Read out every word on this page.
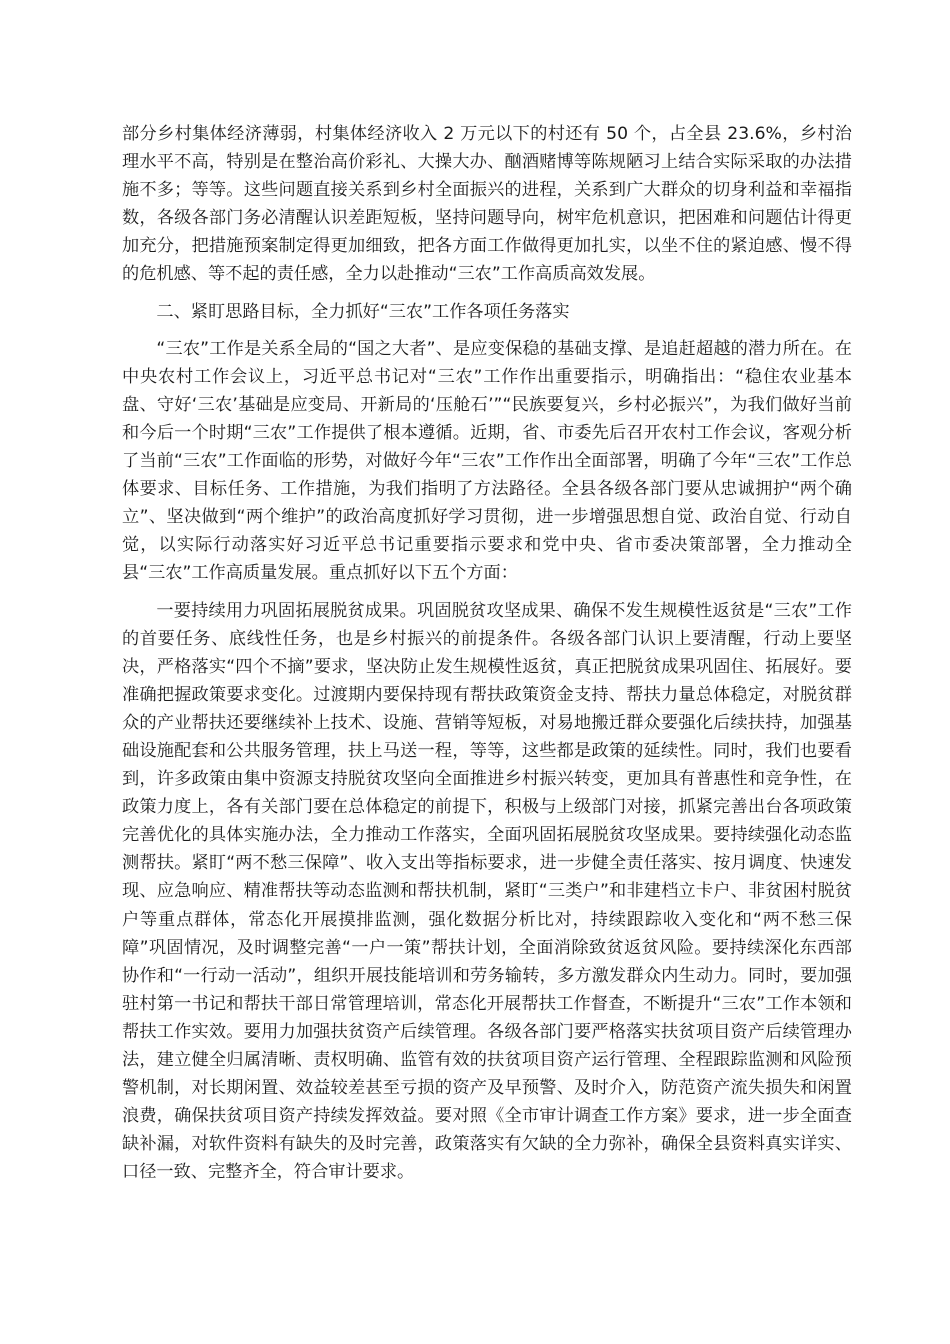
部分乡村集体经济薄弱，村集体经济收入 2 万元以下的村还有 50 个，占全县 23.6%，乡村治理水平不高，特别是在整治高价彩礼、大操大办、酗酒赌博等陈规陋习上结合实际采取的办法措施不多；等等。这些问题直接关系到乡村全面振兴的进程，关系到广大群众的切身利益和幸福指数，各级各部门务必清醒认识差距短板，坚持问题导向，树牢危机意识，把困难和问题估计得更加充分，把措施预案制定得更加细致，把各方面工作做得更加扎实，以坐不住的紧迫感、慢不得的危机感、等不起的责任感，全力以赴推动“三农”工作高质高效发展。

二、紧盯思路目标，全力抓好“三农”工作各项任务落实

“三农”工作是关系全局的“国之大者”、是应变保稳的基础支撑、是追赶超越的潜力所在。在中央农村工作会议上，习近平总书记对“三农”工作作出重要指示，明确指出：“稳住农业基本盘、守好‘三农’基础是应变局、开新局的‘压舱石’”“民族要复兴，乡村必振兴”，为我们做好当前和今后一个时期“三农”工作提供了根本遵循。近期，省、市委先后召开农村工作会议，客观分析了当前“三农”工作面临的形势，对做好今年“三农”工作作出全面部署，明确了今年“三农”工作总体要求、目标任务、工作措施，为我们指明了方法路径。全县各级各部门要从忠诚拥护“两个确立”、坚决做到“两个维护”的政治高度抓好学习贯彻，进一步增强思想自觉、政治自觉、行动自觉，以实际行动落实好习近平总书记重要指示要求和党中央、省市委决策部署，全力推动全县“三农”工作高质量发展。重点抓好以下五个方面：

一要持续用力巩固拓展脱贫成果。巩固脱贫攻坚成果、确保不发生规模性返贫是“三农”工作的首要任务、底线性任务，也是乡村振兴的前提条件。各级各部门认识上要清醒，行动上要坚决，严格落实“四个不摘”要求，坚决防止发生规模性返贫，真正把脱贫成果巩固住、拓展好。要准确把握政策要求变化。过渡期内要保持现有帮扶政策资金支持、帮扶力量总体稳定，对脱贫群众的产业帮扶还要继续补上技术、设施、营销等短板，对易地搬迁群众要强化后续扶持，加强基础设施配套和公共服务管理，扶上马送一程，等等，这些都是政策的延续性。同时，我们也要看到，许多政策由集中资源支持脱贫攻坚向全面推进乡村振兴转变，更加具有普惠性和竞争性，在政策力度上，各有关部门要在总体稳定的前提下，积极与上级部门对接，抓紧完善出台各项政策完善优化的具体实施办法，全力推动工作落实，全面巩固拓展脱贫攻坚成果。要持续强化动态监测帮扶。紧盯“两不愁三保障”、收入支出等指标要求，进一步健全责任落实、按月调度、快速发现、应急响应、精准帮扶等动态监测和帮扶机制，紧盯“三类户”和非建档立卡户、非贫困村脱贫户等重点群体，常态化开展摸排监测，强化数据分析比对，持续跟踪收入变化和“两不愁三保障”巩固情况，及时调整完善“一户一策”帮扶计划，全面消除致贫返贫风险。要持续深化东西部协作和“一行动一活动”，组织开展技能培训和劳务输转，多方激发群众内生动力。同时，要加强驻村第一书记和帮扶干部日常管理培训，常态化开展帮扶工作督查，不断提升“三农”工作本领和帮扶工作实效。要用力加强扶贫资产后续管理。各级各部门要严格落实扶贫项目资产后续管理办法，建立健全归属清晰、责权明确、监管有效的扶贫项目资产运行管理、全程跟踪监测和风险预警机制，对长期闲置、效益较差甚至亏损的资产及早预警、及时介入，防范资产流失损失和闲置浪费，确保扶贫项目资产持续发挥效益。要对照《全市审计调查工作方案》要求，进一步全面查缺补漏，对软件资料有缺失的及时完善，政策落实有欠缺的全力弥补，确保全县资料真实详实、口径一致、完整齐全，符合审计要求。
